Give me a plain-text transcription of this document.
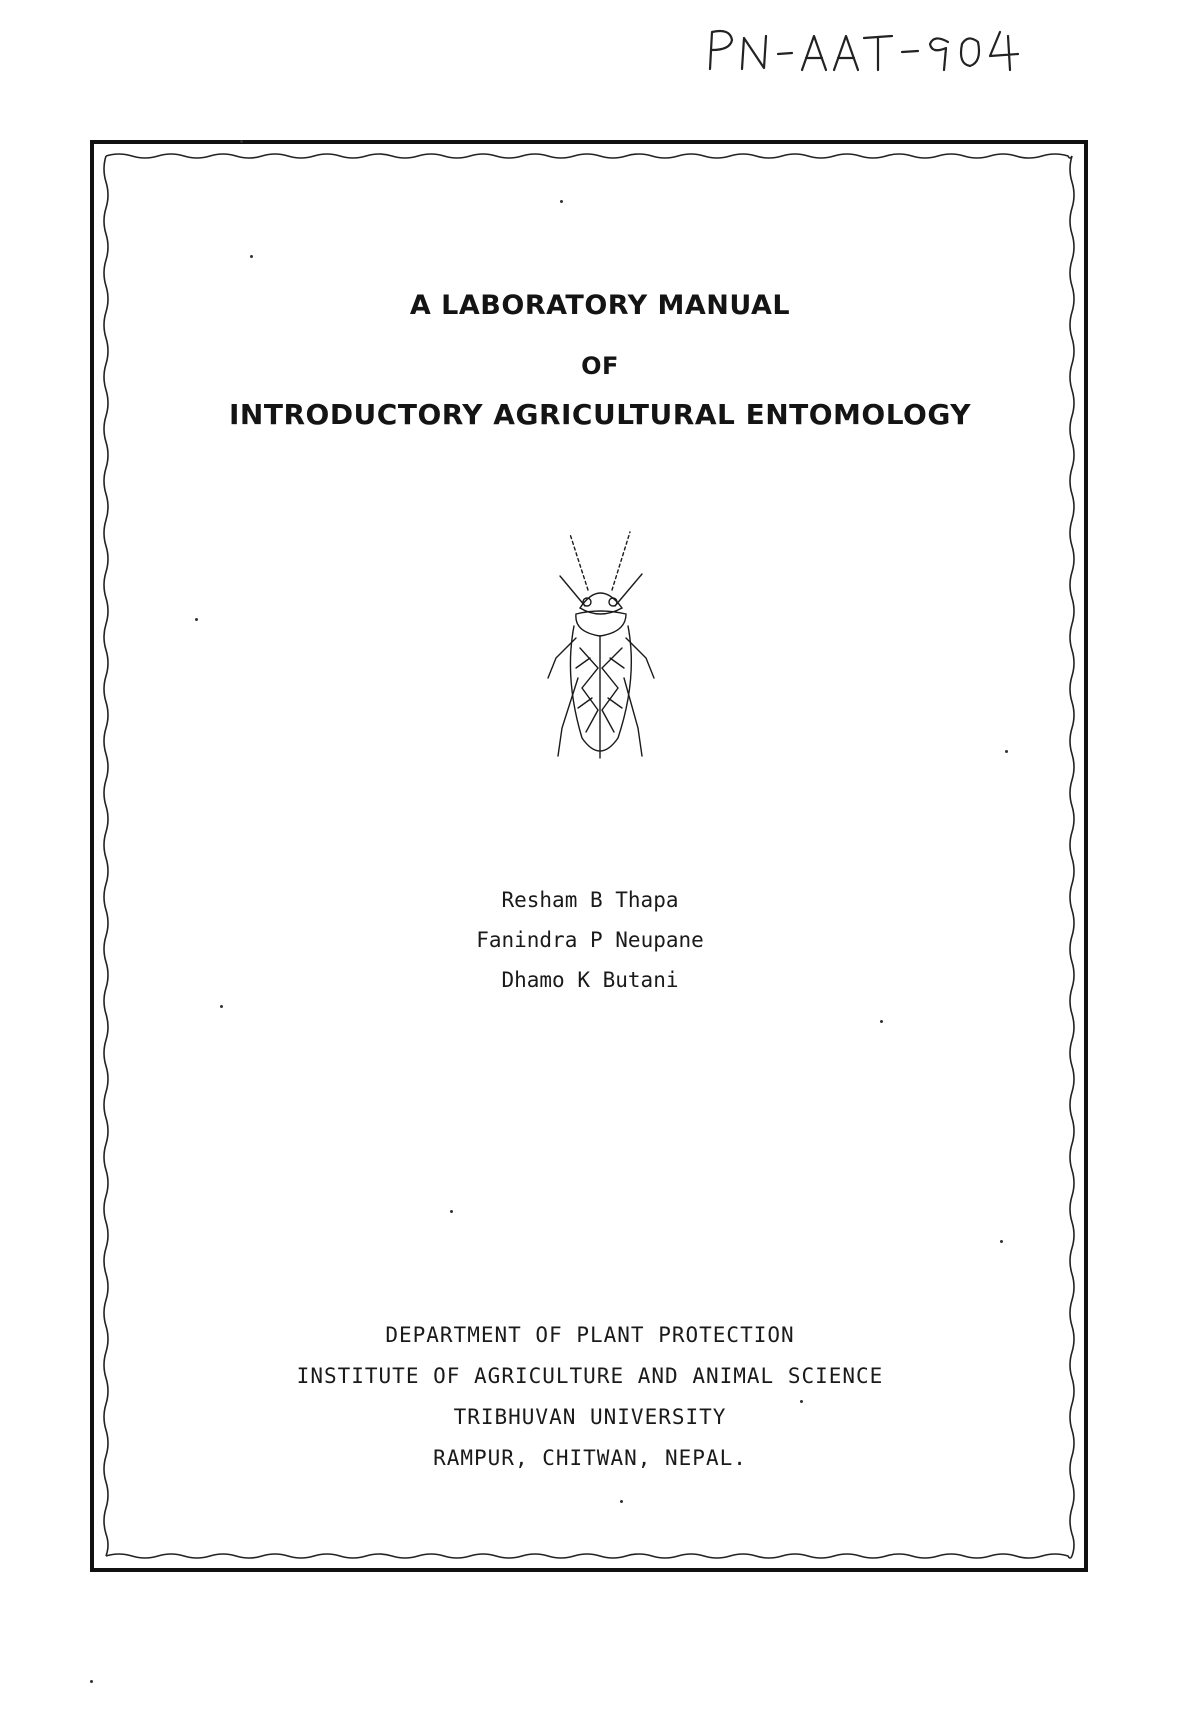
A LABORATORY MANUAL
OF
INTRODUCTORY AGRICULTURAL ENTOMOLOGY
Resham B Thapa
Fanindra P Neupane
Dhamo K Butani
DEPARTMENT OF PLANT PROTECTION
INSTITUTE OF AGRICULTURE AND ANIMAL SCIENCE
TRIBHUVAN UNIVERSITY
RAMPUR, CHITWAN, NEPAL.
